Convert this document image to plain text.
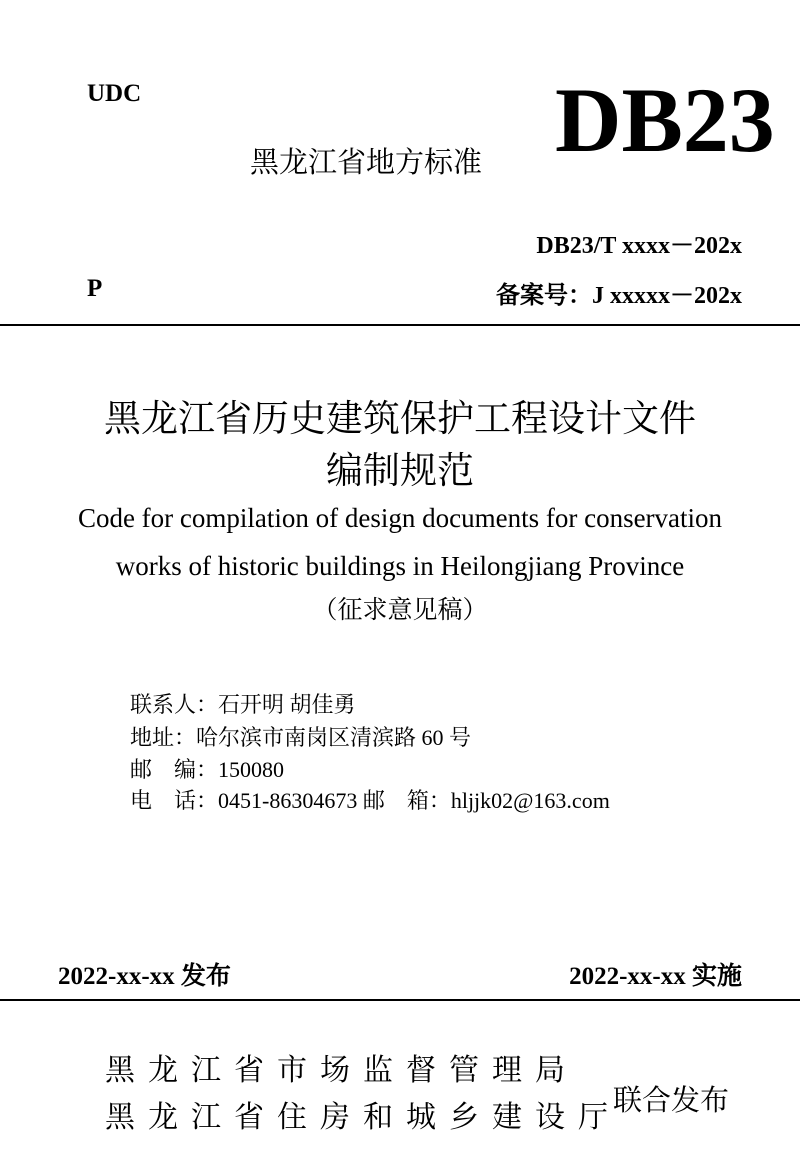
UDC	DB23
黑龙江省地方标准
DB23/T xxxx－202x
P	备案号：J xxxxx－202x
黑龙江省历史建筑保护工程设计文件
编制规范
Code for compilation of design documents for conservation
works of historic buildings in Heilongjiang Province
（征求意见稿）
联系人：石开明 胡佳勇
地址：哈尔滨市南岗区清滨路 60 号
邮　编：150080
电　话：0451-86304673 邮　箱：hljjk02@163.com
2022-xx-xx 发布	2022-xx-xx 实施
黑龙江省市场监督管理局
黑龙江省住房和城乡建设厅
联合发布
